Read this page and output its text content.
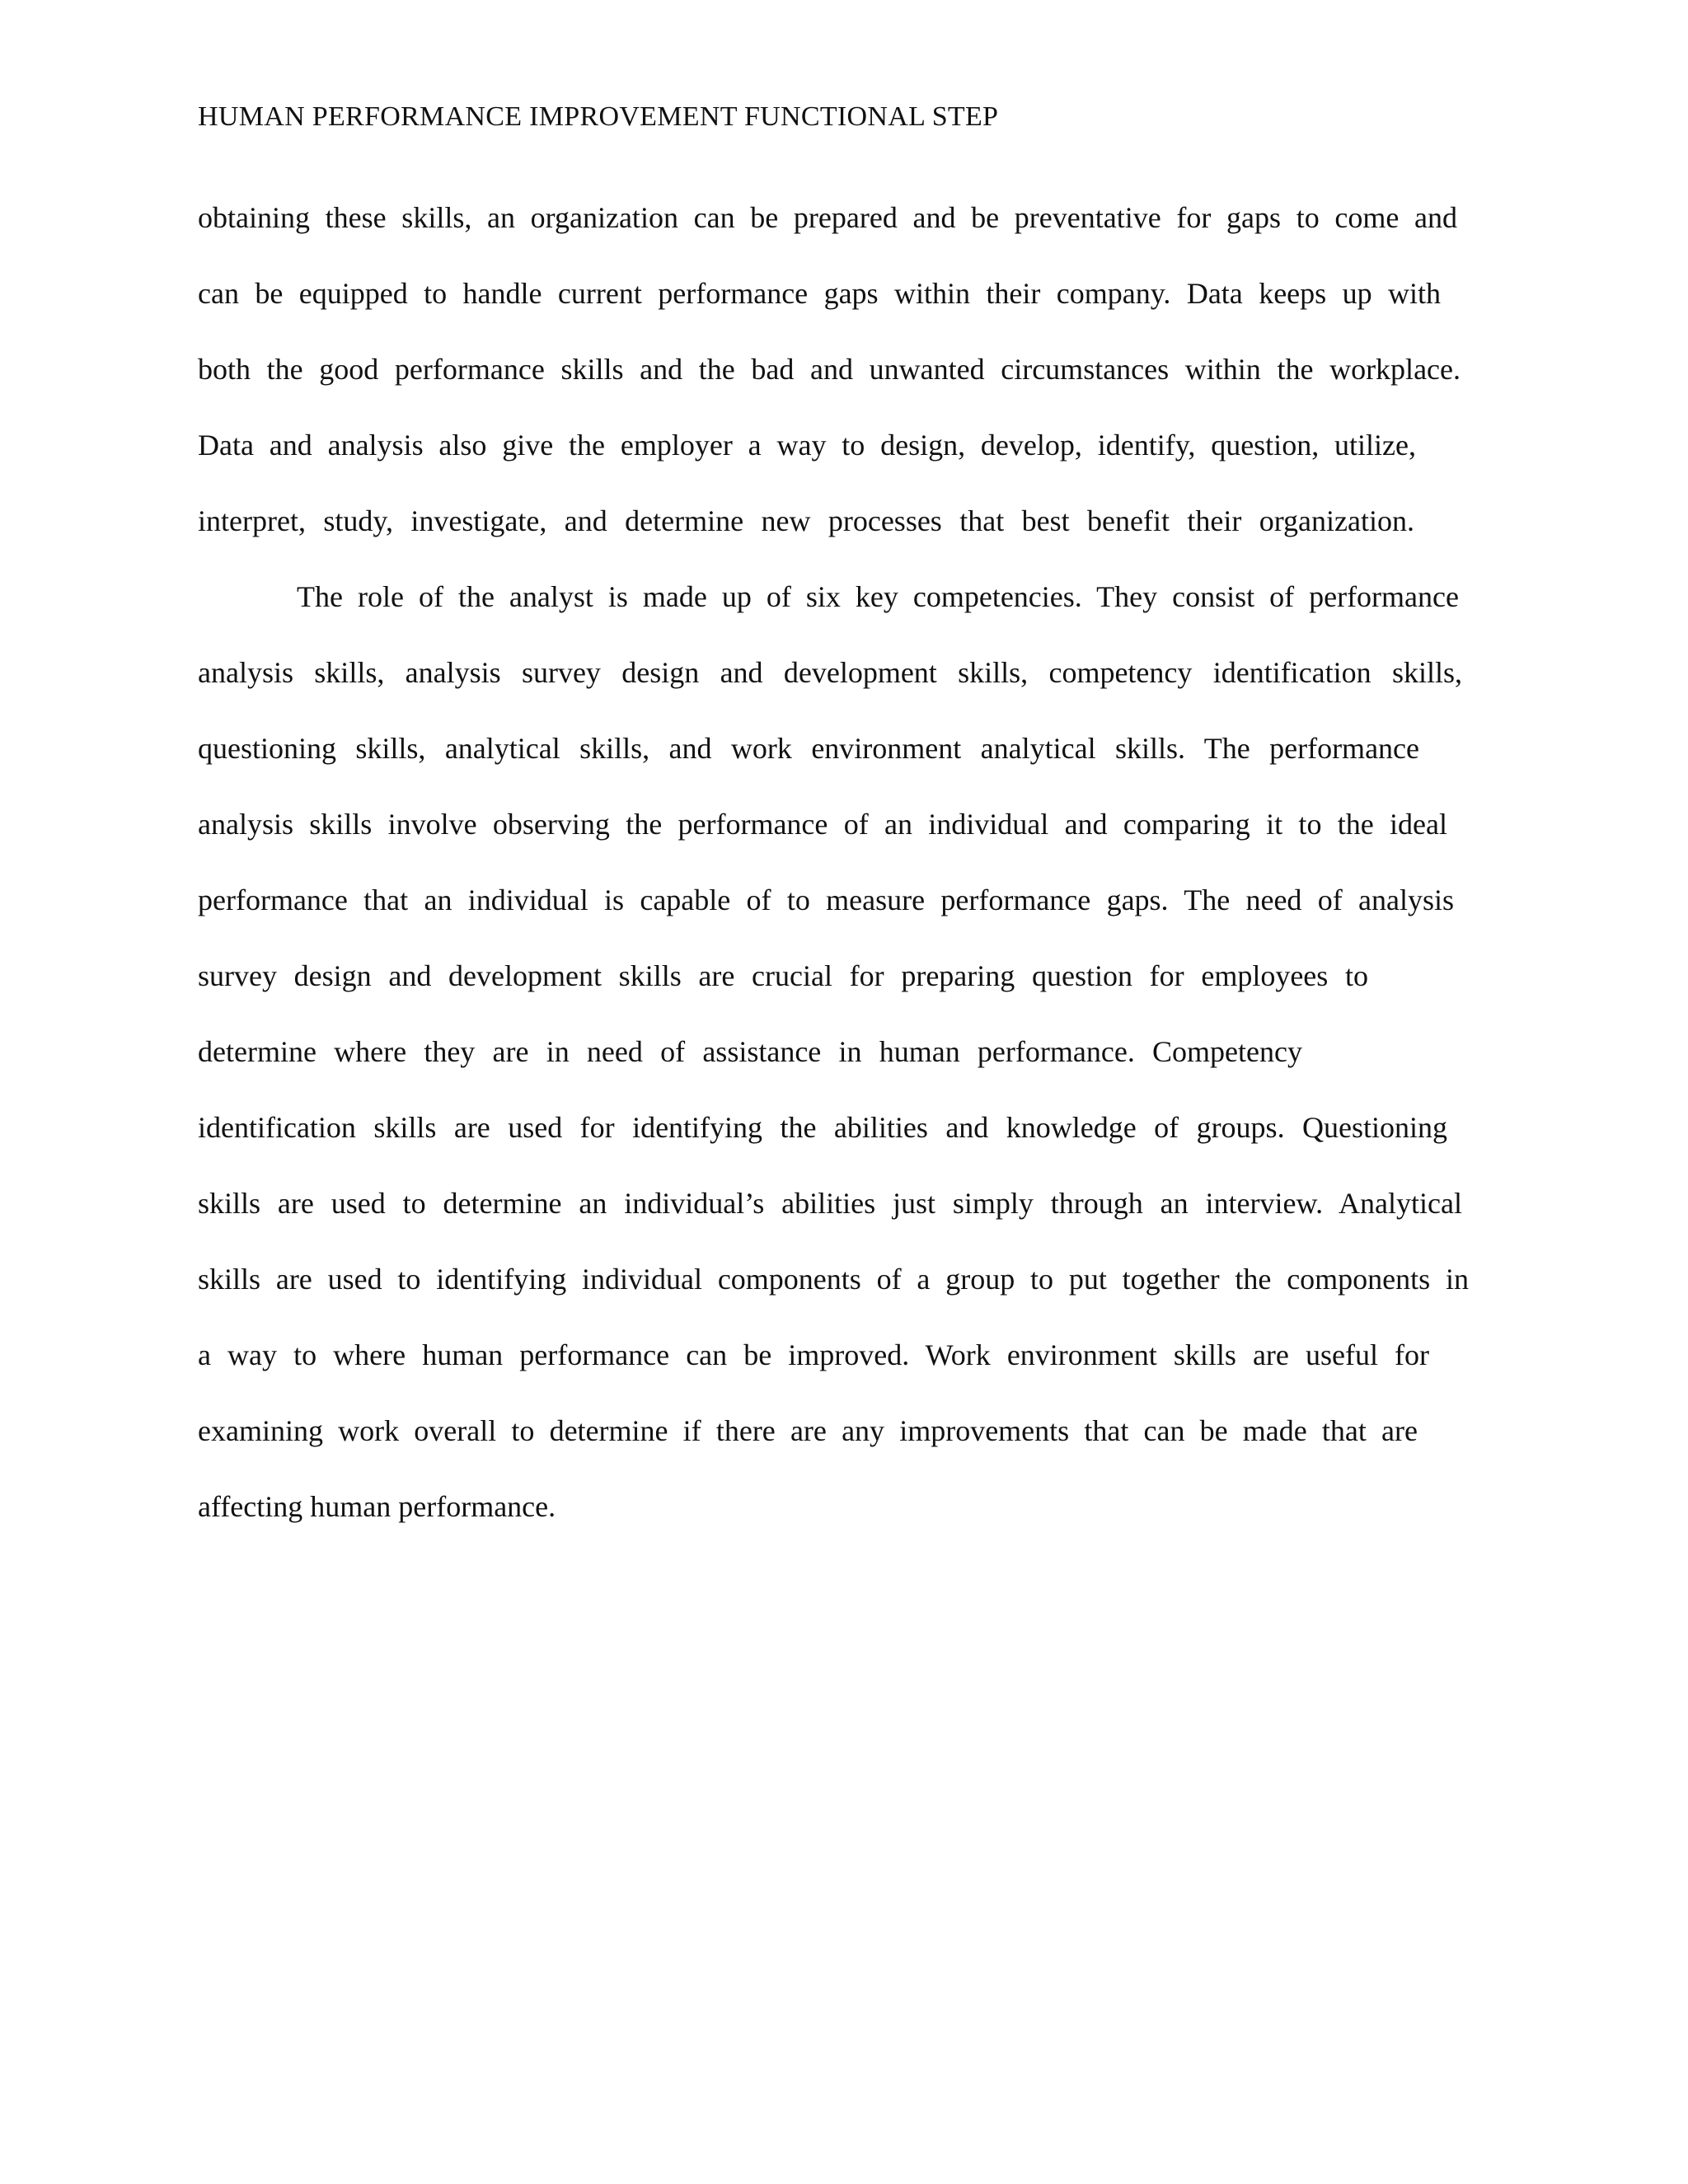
HUMAN PERFORMANCE IMPROVEMENT FUNCTIONAL STEP
obtaining these skills, an organization can be prepared and be preventative for gaps to come and
can be equipped to handle current performance gaps within their company. Data keeps up with
both the good performance skills and the bad and unwanted circumstances within the workplace.
Data and analysis also give the employer a way to design, develop, identify, question, utilize,
interpret, study, investigate, and determine new processes that best benefit their organization.
The role of the analyst is made up of six key competencies. They consist of performance
analysis skills, analysis survey design and development skills, competency identification skills,
questioning skills, analytical skills, and work environment analytical skills. The performance
analysis skills involve observing the performance of an individual and comparing it to the ideal
performance that an individual is capable of to measure performance gaps. The need of analysis
survey design and development skills are crucial for preparing question for employees to
determine where they are in need of assistance in human performance. Competency
identification skills are used for identifying the abilities and knowledge of groups. Questioning
skills are used to determine an individual’s abilities just simply through an interview. Analytical
skills are used to identifying individual components of a group to put together the components in
a way to where human performance can be improved. Work environment skills are useful for
examining work overall to determine if there are any improvements that can be made that are
affecting human performance.
